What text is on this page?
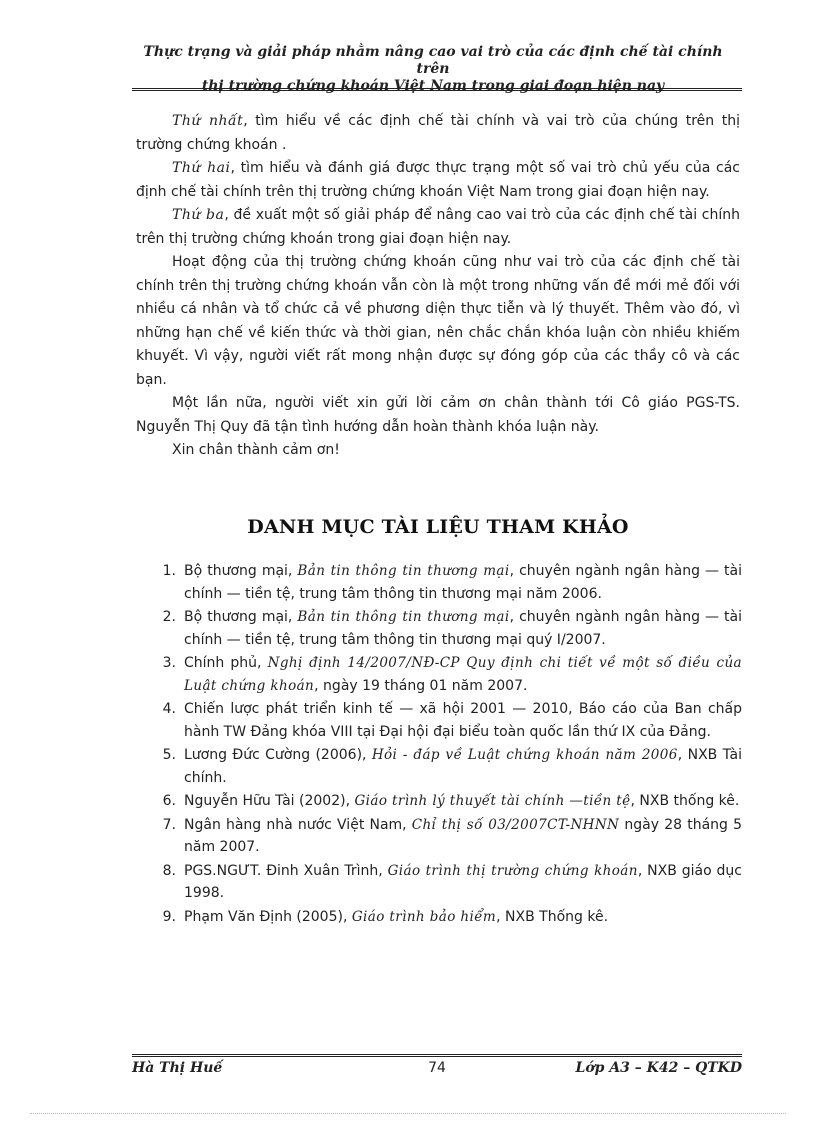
Thực trạng và giải pháp nhằm nâng cao vai trò của các định chế tài chính trên
thị trường chứng khoán Việt Nam trong giai đoạn hiện nay

Thứ nhất, tìm hiểu về các định chế tài chính và vai trò của chúng trên thị trường chứng khoán .

Thứ hai, tìm hiểu và đánh giá được thực trạng một số vai trò chủ yếu của các định chế tài chính trên thị trường chứng khoán Việt Nam trong giai đoạn hiện nay.

Thứ ba, đề xuất một số giải pháp để nâng cao vai trò của các định chế tài chính trên thị trường chứng khoán trong giai đoạn hiện nay.

Hoạt động của thị trường chứng khoán cũng như vai trò của các định chế tài chính trên thị trường chứng khoán vẫn còn là một trong những vấn đề mới mẻ đối với nhiều cá nhân và tổ chức cả về phương diện thực tiễn và lý thuyết. Thêm vào đó, vì những hạn chế về kiến thức và thời gian, nên chắc chắn khóa luận còn nhiều khiếm khuyết. Vì vậy, người viết rất mong nhận được sự đóng góp của các thầy cô và các bạn.

Một lần nữa, người viết xin gửi lời cảm ơn chân thành tới Cô giáo PGS-TS. Nguyễn Thị Quy đã tận tình hướng dẫn hoàn thành khóa luận này.

Xin chân thành cảm ơn!

DANH MỤC TÀI LIỆU THAM KHẢO
1. Bộ thương mại, Bản tin thông tin thương mại, chuyên ngành ngân hàng — tài chính — tiền tệ, trung tâm thông tin thương mại năm 2006.
2. Bộ thương mại, Bản tin thông tin thương mại, chuyên ngành ngân hàng — tài chính — tiền tệ, trung tâm thông tin thương mại quý I/2007.
3. Chính phủ, Nghị định 14/2007/NĐ-CP Quy định chi tiết về một số điều của Luật chứng khoán, ngày 19 tháng 01 năm 2007.
4. Chiến lược phát triển kinh tế — xã hội 2001 — 2010, Báo cáo của Ban chấp hành TW Đảng khóa VIII tại Đại hội đại biểu toàn quốc lần thứ IX của Đảng.
5. Lương Đức Cường (2006), Hỏi - đáp về Luật chứng khoán năm 2006, NXB Tài chính.
6. Nguyễn Hữu Tài (2002), Giáo trình lý thuyết tài chính —tiền tệ, NXB thống kê.
7. Ngân hàng nhà nước Việt Nam, Chỉ thị số 03/2007CT-NHNN ngày 28 tháng 5 năm 2007.
8. PGS.NGƯT. Đinh Xuân Trình, Giáo trình thị trường chứng khoán, NXB giáo dục 1998.
9. Phạm Văn Định (2005), Giáo trình bảo hiểm, NXB Thống kê.
Hà Thị Huế	74	Lớp A3 – K42 – QTKD
